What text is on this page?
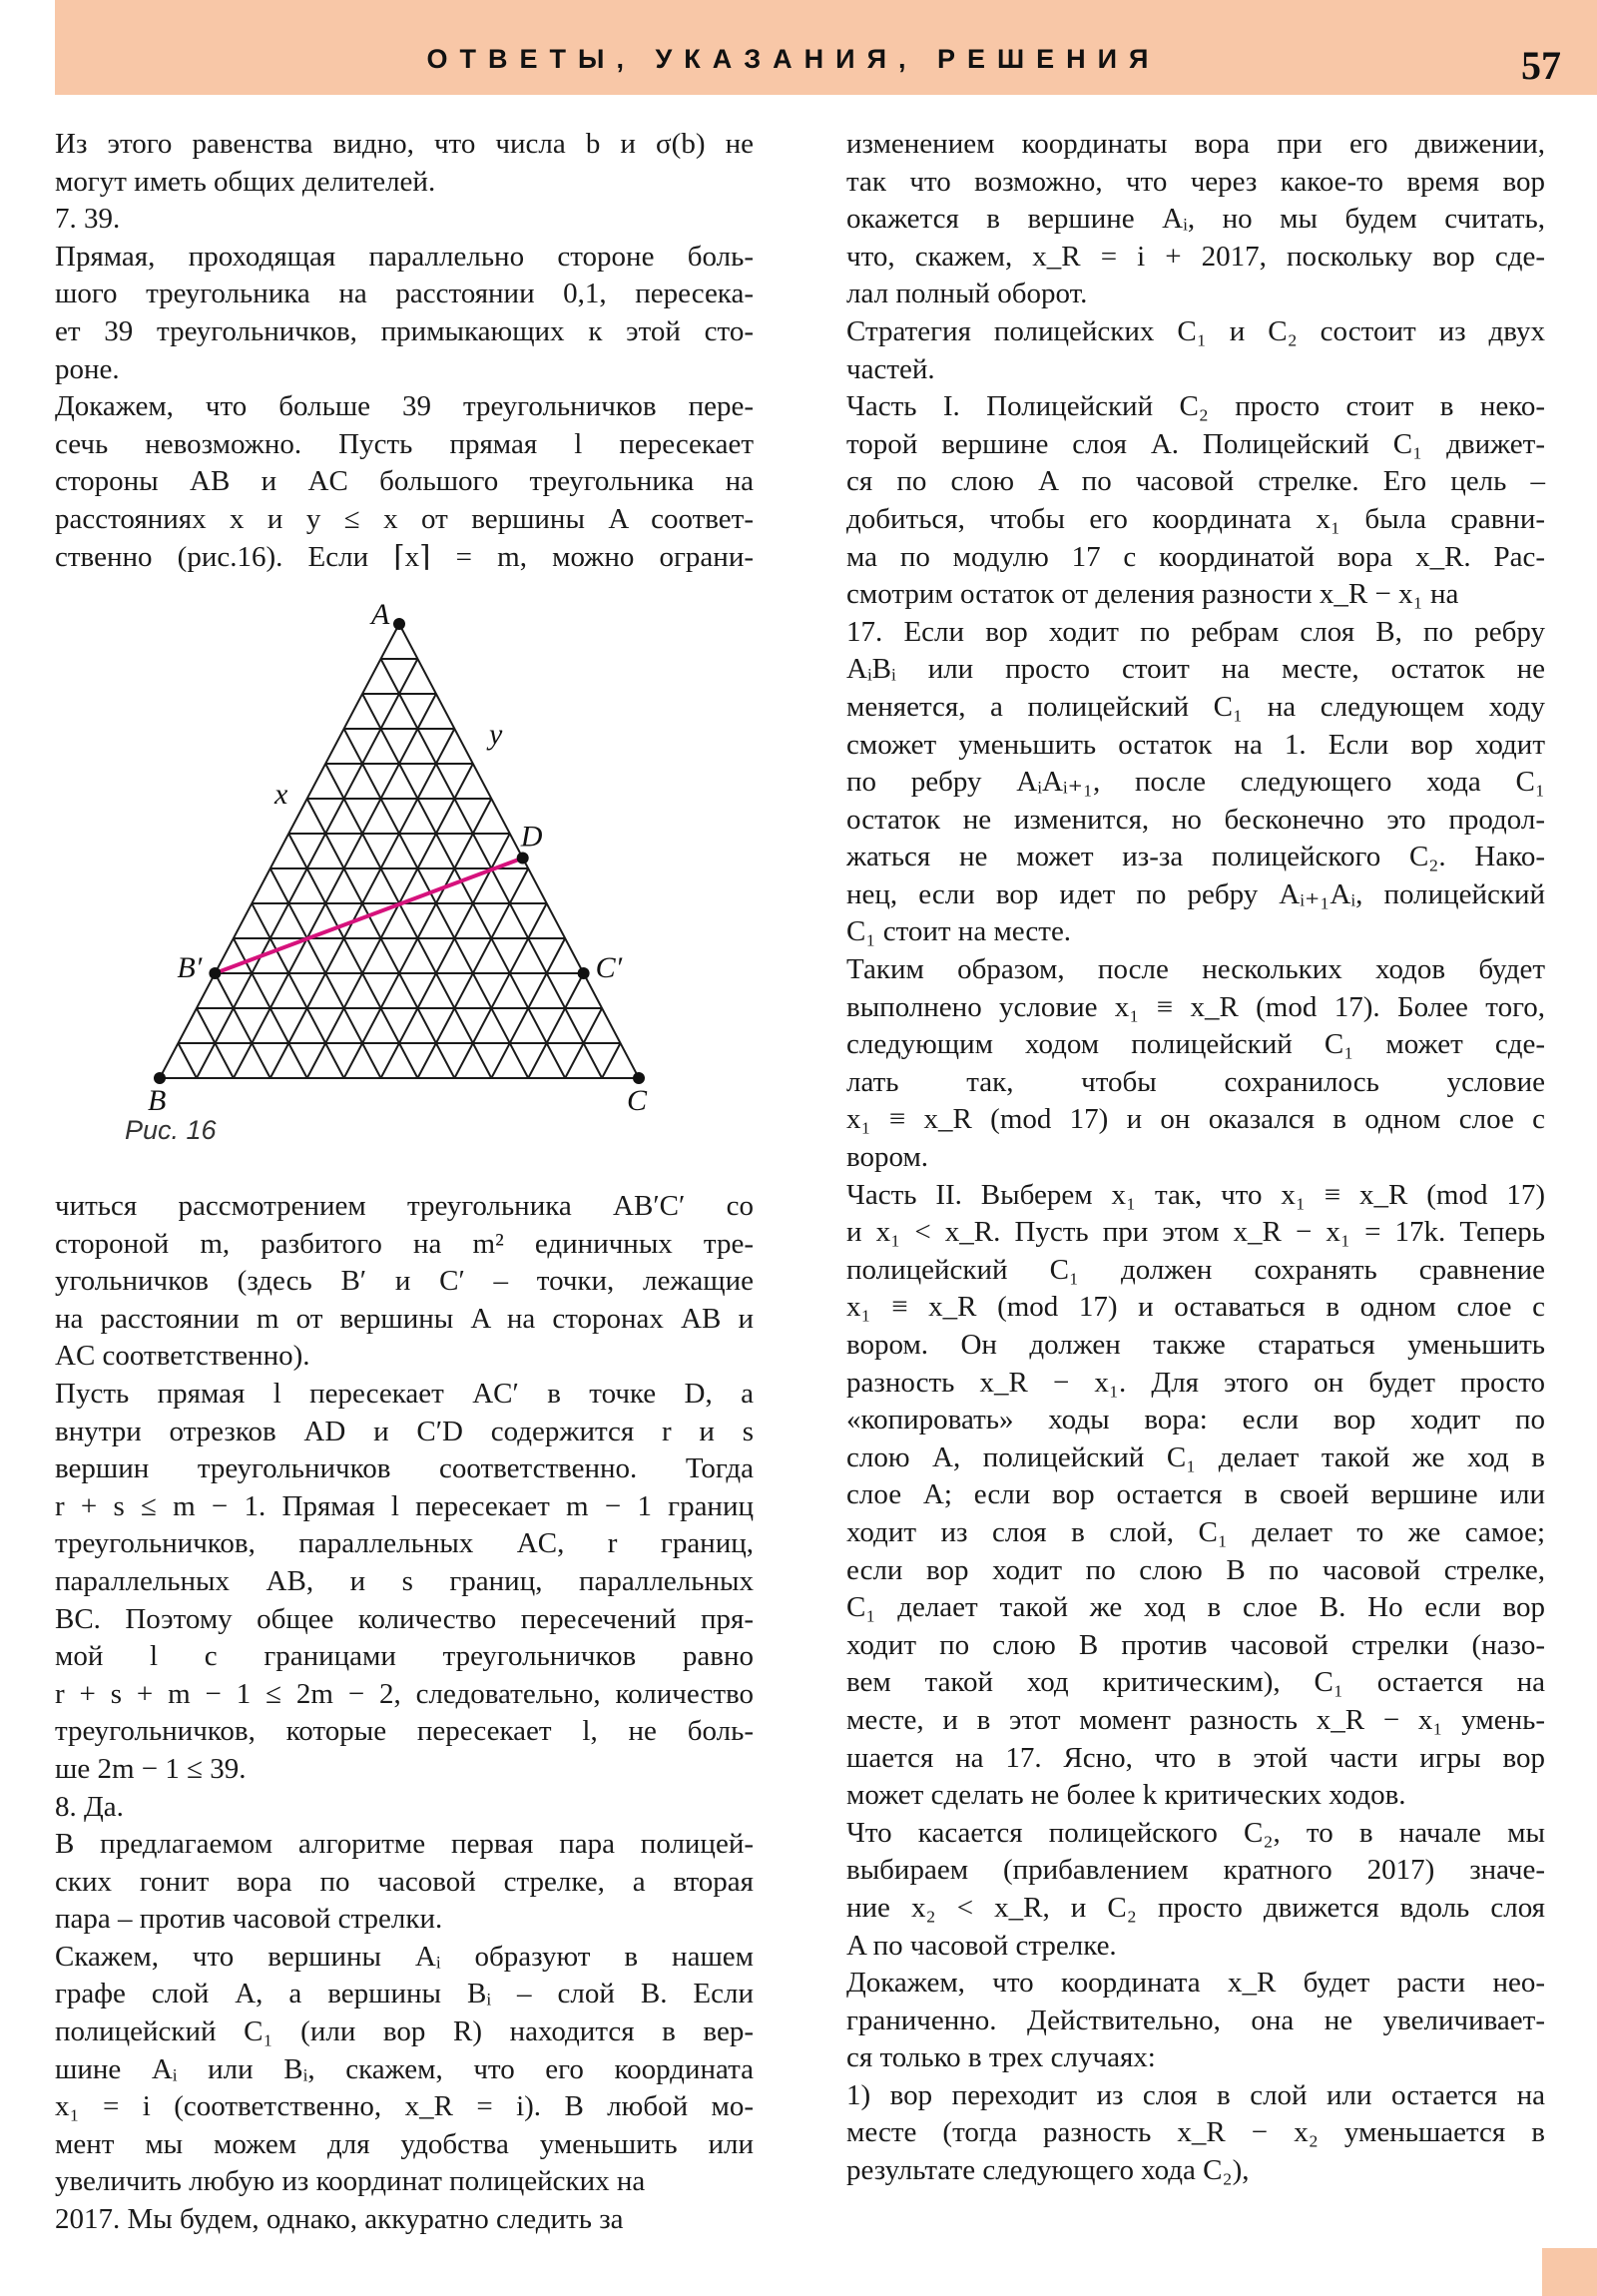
ОТВЕТЫ, УКАЗАНИЯ, РЕШЕНИЯ	57
Из этого равенства видно, что числа b и σ(b) не
могут иметь общих делителей.
7. 39.
Прямая, проходящая параллельно стороне боль-
шого треугольника на расстоянии 0,1, пересека-
ет 39 треугольничков, примыкающих к этой сто-
роне.
Докажем, что больше 39 треугольничков пере-
сечь невозможно. Пусть прямая l пересекает
стороны AB и AC большого треугольника на
расстояниях x и y ≤ x от вершины A соответ-
ственно (рис.16). Если ⌈x⌉ = m, можно ограни-
A
B	C
B′	C′
D
x
y
Рис. 16
читься рассмотрением треугольника AB′C′ со
стороной m, разбитого на m² единичных тре-
угольничков (здесь B′ и C′ – точки, лежащие
на расстоянии m от вершины A на сторонах AB и
AC соответственно).
Пусть прямая l пересекает AC′ в точке D, а
внутри отрезков AD и C′D содержится r и s
вершин треугольничков соответственно. Тогда
r + s ≤ m − 1. Прямая l пересекает m − 1 границ
треугольничков, параллельных AC, r границ,
параллельных AB, и s границ, параллельных
BC. Поэтому общее количество пересечений пря-
мой l с границами треугольничков равно
r + s + m − 1 ≤ 2m − 2, следовательно, количество
треугольничков, которые пересекает l, не боль-
ше 2m − 1 ≤ 39.
8. Да.
В предлагаемом алгоритме первая пара полицей-
ских гонит вора по часовой стрелке, а вторая
пара – против часовой стрелки.
Скажем, что вершины Aᵢ образуют в нашем
графе слой A, а вершины Bᵢ – слой B. Если
полицейский C₁ (или вор R) находится в вер-
шине Aᵢ или Bᵢ, скажем, что его координата
x₁ = i (соответственно, x_R = i). В любой мо-
мент мы можем для удобства уменьшить или
увеличить любую из координат полицейских на
2017. Мы будем, однако, аккуратно следить за
изменением координаты вора при его движении,
так что возможно, что через какое-то время вор
окажется в вершине Aᵢ, но мы будем считать,
что, скажем, x_R = i + 2017, поскольку вор сде-
лал полный оборот.
Стратегия полицейских C₁ и C₂ состоит из двух
частей.
Часть I. Полицейский C₂ просто стоит в неко-
торой вершине слоя A. Полицейский C₁ движет-
ся по слою A по часовой стрелке. Его цель –
добиться, чтобы его координата x₁ была сравни-
ма по модулю 17 с координатой вора x_R. Рас-
смотрим остаток от деления разности x_R − x₁ на
17. Если вор ходит по ребрам слоя B, по ребру
AᵢBᵢ или просто стоит на месте, остаток не
меняется, а полицейский C₁ на следующем ходу
сможет уменьшить остаток на 1. Если вор ходит
по ребру AᵢAᵢ₊₁, после следующего хода C₁
остаток не изменится, но бесконечно это продол-
жаться не может из-за полицейского C₂. Нако-
нец, если вор идет по ребру Aᵢ₊₁Aᵢ, полицейский
C₁ стоит на месте.
Таким образом, после нескольких ходов будет
выполнено условие x₁ ≡ x_R (mod 17). Более того,
следующим ходом полицейский C₁ может сде-
лать так, чтобы сохранилось условие
x₁ ≡ x_R (mod 17) и он оказался в одном слое с
вором.
Часть II. Выберем x₁ так, что x₁ ≡ x_R (mod 17)
и x₁ < x_R. Пусть при этом x_R − x₁ = 17k. Теперь
полицейский C₁ должен сохранять сравнение
x₁ ≡ x_R (mod 17) и оставаться в одном слое с
вором. Он должен также стараться уменьшить
разность x_R − x₁. Для этого он будет просто
«копировать» ходы вора: если вор ходит по
слою A, полицейский C₁ делает такой же ход в
слое A; если вор остается в своей вершине или
ходит из слоя в слой, C₁ делает то же самое;
если вор ходит по слою B по часовой стрелке,
C₁ делает такой же ход в слое B. Но если вор
ходит по слою B против часовой стрелки (назо-
вем такой ход критическим), C₁ остается на
месте, и в этот момент разность x_R − x₁ умень-
шается на 17. Ясно, что в этой части игры вор
может сделать не более k критических ходов.
Что касается полицейского C₂, то в начале мы
выбираем (прибавлением кратного 2017) значе-
ние x₂ < x_R, и C₂ просто движется вдоль слоя
A по часовой стрелке.
Докажем, что координата x_R будет расти нео-
граниченно. Действительно, она не увеличивает-
ся только в трех случаях:
1) вор переходит из слоя в слой или остается на
месте (тогда разность x_R − x₂ уменьшается в
результате следующего хода C₂),
